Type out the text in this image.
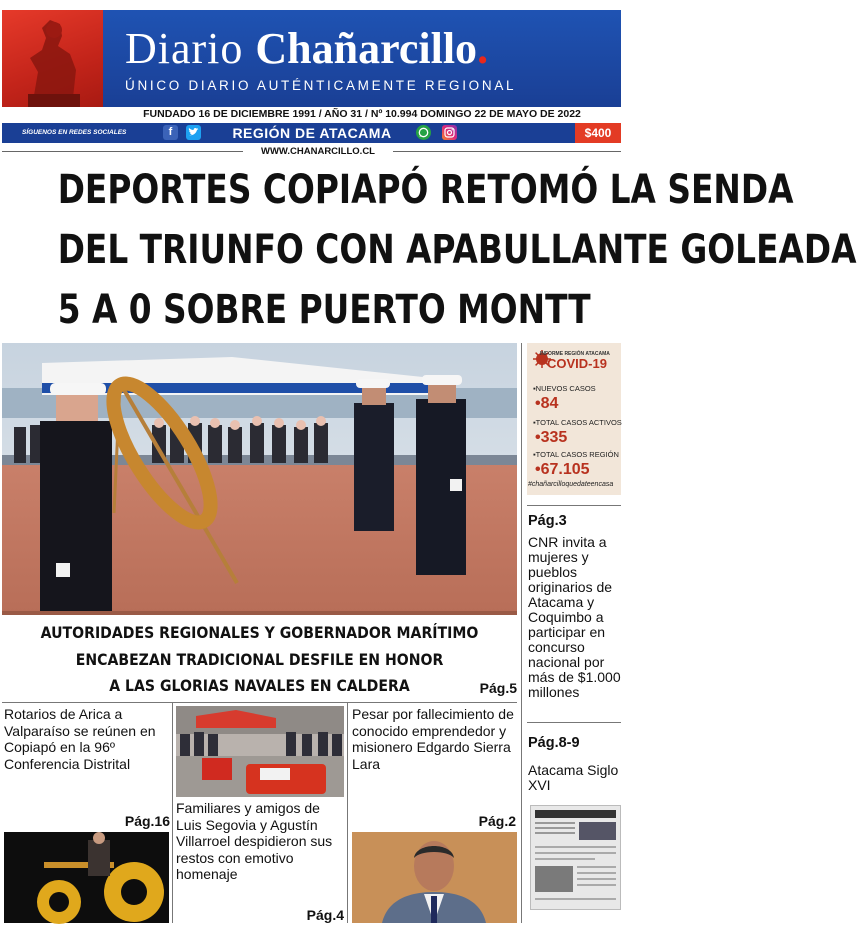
Diario Chañarcillo.
ÚNICO DIARIO AUTÉNTICAMENTE REGIONAL
FUNDADO 16 DE DICIEMBRE 1991 / AÑO 31 / Nº 10.994 DOMINGO 22 DE MAYO DE 2022
SÍGUENOS EN REDES SOCIALES	f	REGIÓN DE ATACAMA	$400
WWW.CHANARCILLO.CL
DEPORTES COPIAPÓ RETOMÓ LA SENDA
DEL TRIUNFO CON APABULLANTE GOLEADA
5 A 0 SOBRE PUERTO MONTT
INFORME REGIÓN ATACAMA
COVID-19
▪NUEVOS CASOS
•84
▪TOTAL CASOS ACTIVOS
•335
▪TOTAL CASOS REGIÓN
•67.105
#chañarcilloquedateencasa
Pág.3
CNR invita a mujeres y pueblos originarios de Atacama y Coquimbo a participar en concurso nacional por más de $1.000 millones
Pág.8-9
Atacama Siglo XVI
AUTORIDADES REGIONALES Y GOBERNADOR MARÍTIMO
ENCABEZAN TRADICIONAL DESFILE EN HONOR
A LAS GLORIAS NAVALES EN CALDERA	Pág.5
Rotarios de Arica a Valparaíso se reúnen en Copiapó en la 96º Conferencia Distrital
Pág.16
Familiares y amigos de Luis Segovia y Agustín Villarroel despidieron sus restos con emotivo homenaje
Pág.4
Pesar por fallecimiento de conocido emprendedor y misionero Edgardo Sierra Lara
Pág.2
